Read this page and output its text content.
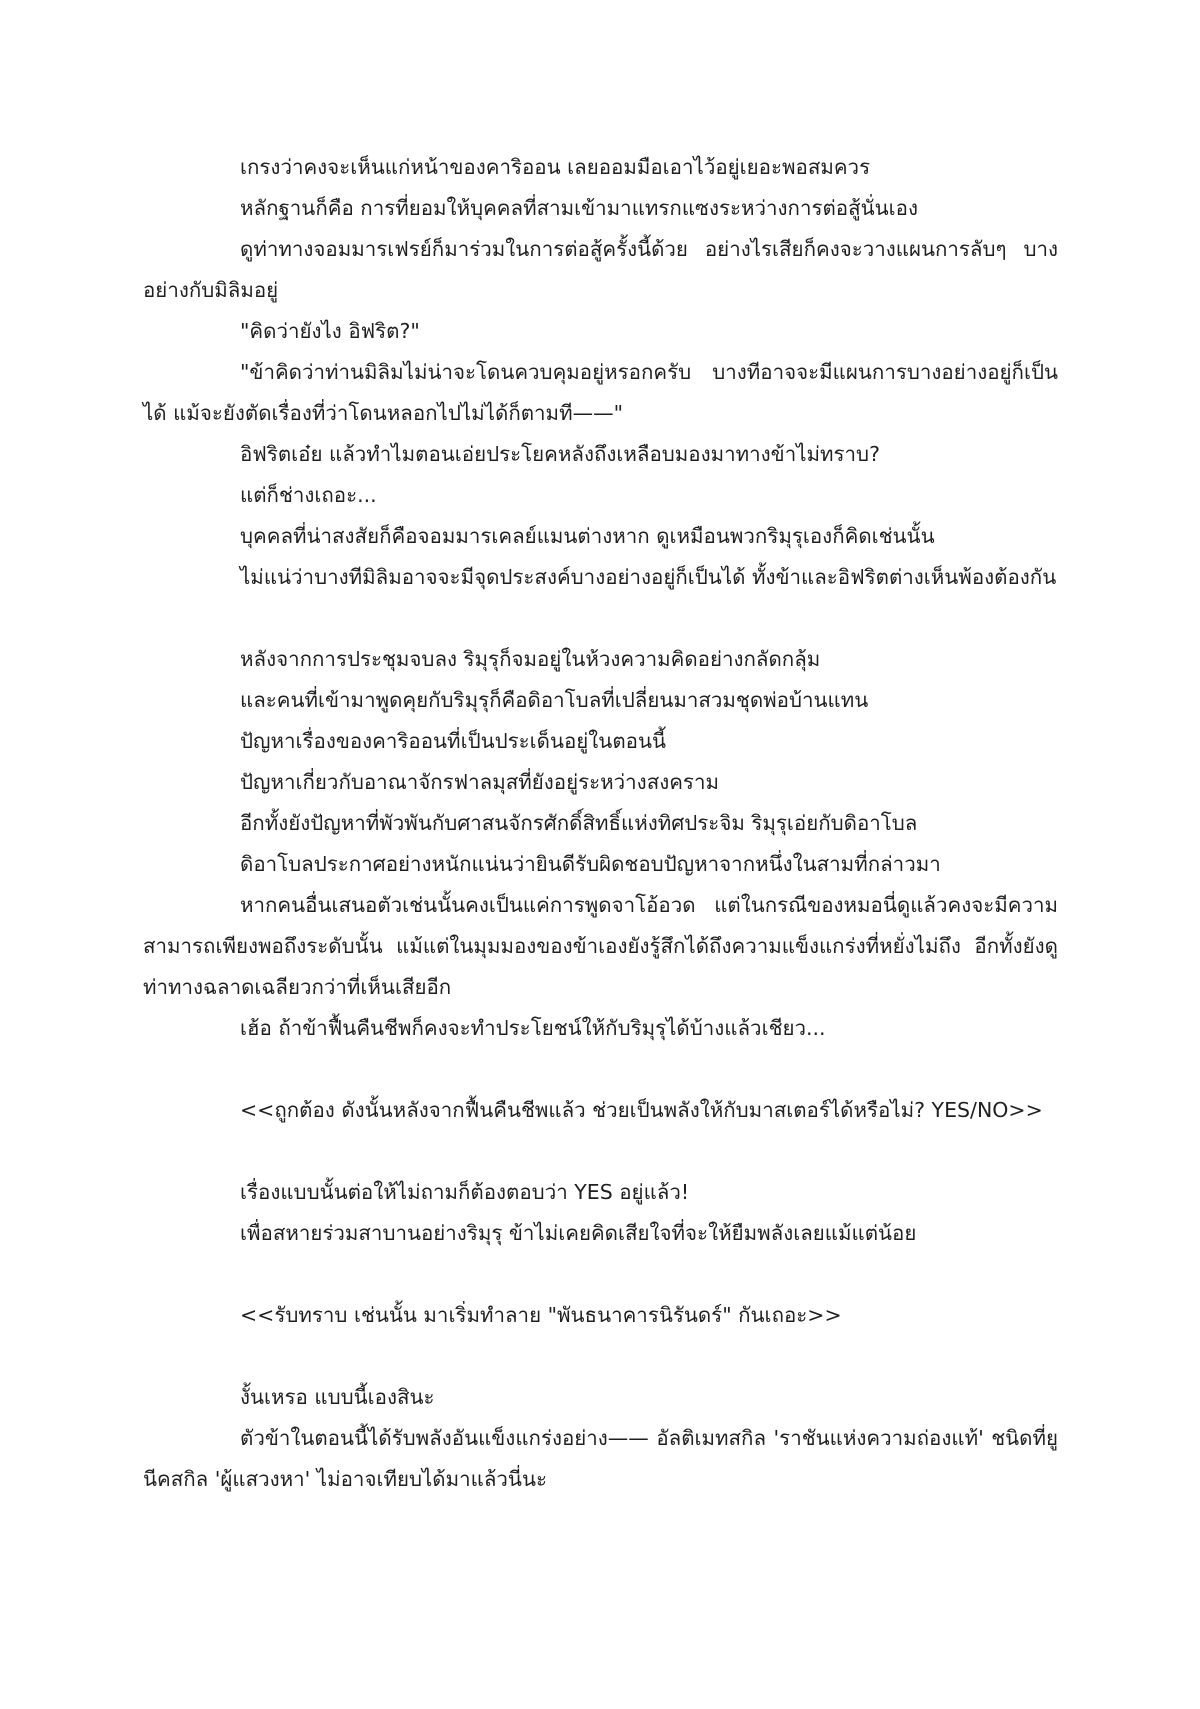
เกรงว่าคงจะเห็นแก่หน้าของคาริออน เลยออมมือเอาไว้อยู่เยอะพอสมควร

หลักฐานก็คือ การที่ยอมให้บุคคลที่สามเข้ามาแทรกแซงระหว่างการต่อสู้นั่นเอง

ดูท่าทางจอมมารเฟรย์ก็มาร่วมในการต่อสู้ครั้งนี้ด้วย อย่างไรเสียก็คงจะวางแผนการลับๆ บางอย่างกับมิลิมอยู่

"คิดว่ายังไง อิฟริต?"

"ข้าคิดว่าท่านมิลิมไม่น่าจะโดนควบคุมอยู่หรอกครับ บางทีอาจจะมีแผนการบางอย่างอยู่ก็เป็นได้ แม้จะยังตัดเรื่องที่ว่าโดนหลอกไปไม่ได้ก็ตามที——"

อิฟริตเอ๋ย แล้วทำไมตอนเอ่ยประโยคหลังถึงเหลือบมองมาทางข้าไม่ทราบ?

แต่ก็ช่างเถอะ...

บุคคลที่น่าสงสัยก็คือจอมมารเคลย์แมนต่างหาก ดูเหมือนพวกริมุรุเองก็คิดเช่นนั้น

ไม่แน่ว่าบางทีมิลิมอาจจะมีจุดประสงค์บางอย่างอยู่ก็เป็นได้ ทั้งข้าและอิฟริตต่างเห็นพ้องต้องกัน

หลังจากการประชุมจบลง ริมุรุก็จมอยู่ในห้วงความคิดอย่างกลัดกลุ้ม

และคนที่เข้ามาพูดคุยกับริมุรุก็คือดิอาโบลที่เปลี่ยนมาสวมชุดพ่อบ้านแทน

ปัญหาเรื่องของคาริออนที่เป็นประเด็นอยู่ในตอนนี้

ปัญหาเกี่ยวกับอาณาจักรฟาลมุสที่ยังอยู่ระหว่างสงคราม

อีกทั้งยังปัญหาที่พัวพันกับศาสนจักรศักดิ์สิทธิ์แห่งทิศประจิม ริมุรุเอ่ยกับดิอาโบล

ดิอาโบลประกาศอย่างหนักแน่นว่ายินดีรับผิดชอบปัญหาจากหนึ่งในสามที่กล่าวมา

หากคนอื่นเสนอตัวเช่นนั้นคงเป็นแค่การพูดจาโอ้อวด แต่ในกรณีของหมอนี่ดูแล้วคงจะมีความสามารถเพียงพอถึงระดับนั้น แม้แต่ในมุมมองของข้าเองยังรู้สึกได้ถึงความแข็งแกร่งที่หยั่งไม่ถึง อีกทั้งยังดูท่าทางฉลาดเฉลียวกว่าที่เห็นเสียอีก

เฮ้อ ถ้าข้าฟื้นคืนชีพก็คงจะทำประโยชน์ให้กับริมุรุได้บ้างแล้วเชียว...

<<ถูกต้อง ดังนั้นหลังจากฟื้นคืนชีพแล้ว ช่วยเป็นพลังให้กับมาสเตอร์ได้หรือไม่? YES/NO>>

เรื่องแบบนั้นต่อให้ไม่ถามก็ต้องตอบว่า YES อยู่แล้ว!

เพื่อสหายร่วมสาบานอย่างริมุรุ ข้าไม่เคยคิดเสียใจที่จะให้ยืมพลังเลยแม้แต่น้อย

<<รับทราบ เช่นนั้น มาเริ่มทำลาย "พันธนาคารนิรันดร์" กันเถอะ>>

งั้นเหรอ แบบนี้เองสินะ

ตัวข้าในตอนนี้ได้รับพลังอันแข็งแกร่งอย่าง—— อัลติเมทสกิล 'ราชันแห่งความถ่องแท้' ชนิดที่ยูนีคสกิล 'ผู้แสวงหา' ไม่อาจเทียบได้มาแล้วนี่นะ
